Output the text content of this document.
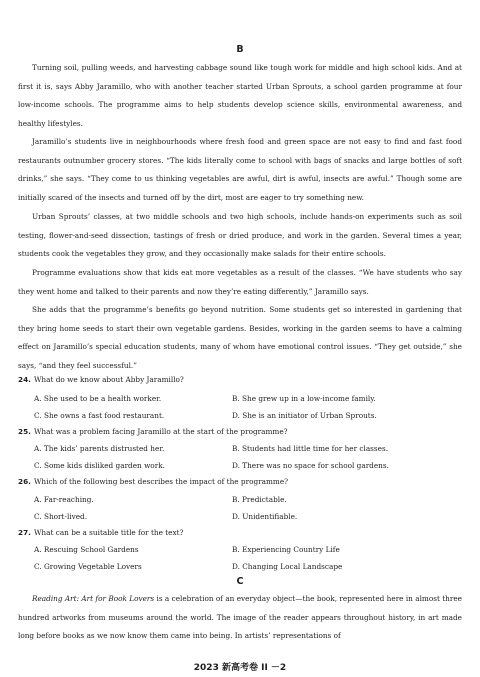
B

Turning soil, pulling weeds, and harvesting cabbage sound like tough work for middle and high school kids. And at first it is, says Abby Jaramillo, who with another teacher started Urban Sprouts, a school garden programme at four low-income schools. The programme aims to help students develop science skills, environmental awareness, and healthy lifestyles.

Jaramillo’s students live in neighbourhoods where fresh food and green space are not easy to find and fast food restaurants outnumber grocery stores. “The kids literally come to school with bags of snacks and large bottles of soft drinks,” she says. “They come to us thinking vegetables are awful, dirt is awful, insects are awful.” Though some are initially scared of the insects and turned off by the dirt, most are eager to try something new.

Urban Sprouts’ classes, at two middle schools and two high schools, include hands-on experiments such as soil testing, flower-and-seed dissection, tastings of fresh or dried produce, and work in the garden. Several times a year, students cook the vegetables they grow, and they occasionally make salads for their entire schools.

Programme evaluations show that kids eat more vegetables as a result of the classes. “We have students who say they went home and talked to their parents and now they’re eating differently,” Jaramillo says.

She adds that the programme’s benefits go beyond nutrition. Some students get so interested in gardening that they bring home seeds to start their own vegetable gardens. Besides, working in the garden seems to have a calming effect on Jaramillo’s special education students, many of whom have emotional control issues. “They get outside,” she says, “and they feel successful.”

24. What do we know about Abby Jaramillo?
A. She used to be a health worker.	B. She grew up in a low-income family.
C. She owns a fast food restaurant.	D. She is an initiator of Urban Sprouts.
25. What was a problem facing Jaramillo at the start of the programme?
A. The kids’ parents distrusted her.	B. Students had little time for her classes.
C. Some kids disliked garden work.	D. There was no space for school gardens.
26. Which of the following best describes the impact of the programme?
A. Far-reaching.	B. Predictable.
C. Short-lived.	D. Unidentifiable.
27. What can be a suitable title for the text?
A. Rescuing School Gardens	B. Experiencing Country Life
C. Growing Vegetable Lovers	D. Changing Local Landscape
C

Reading Art: Art for Book Lovers is a celebration of an everyday object—the book, represented here in almost three hundred artworks from museums around the world. The image of the reader appears throughout history, in art made long before books as we now know them came into being. In artists’ representations of

2023 新高考卷 II －2
